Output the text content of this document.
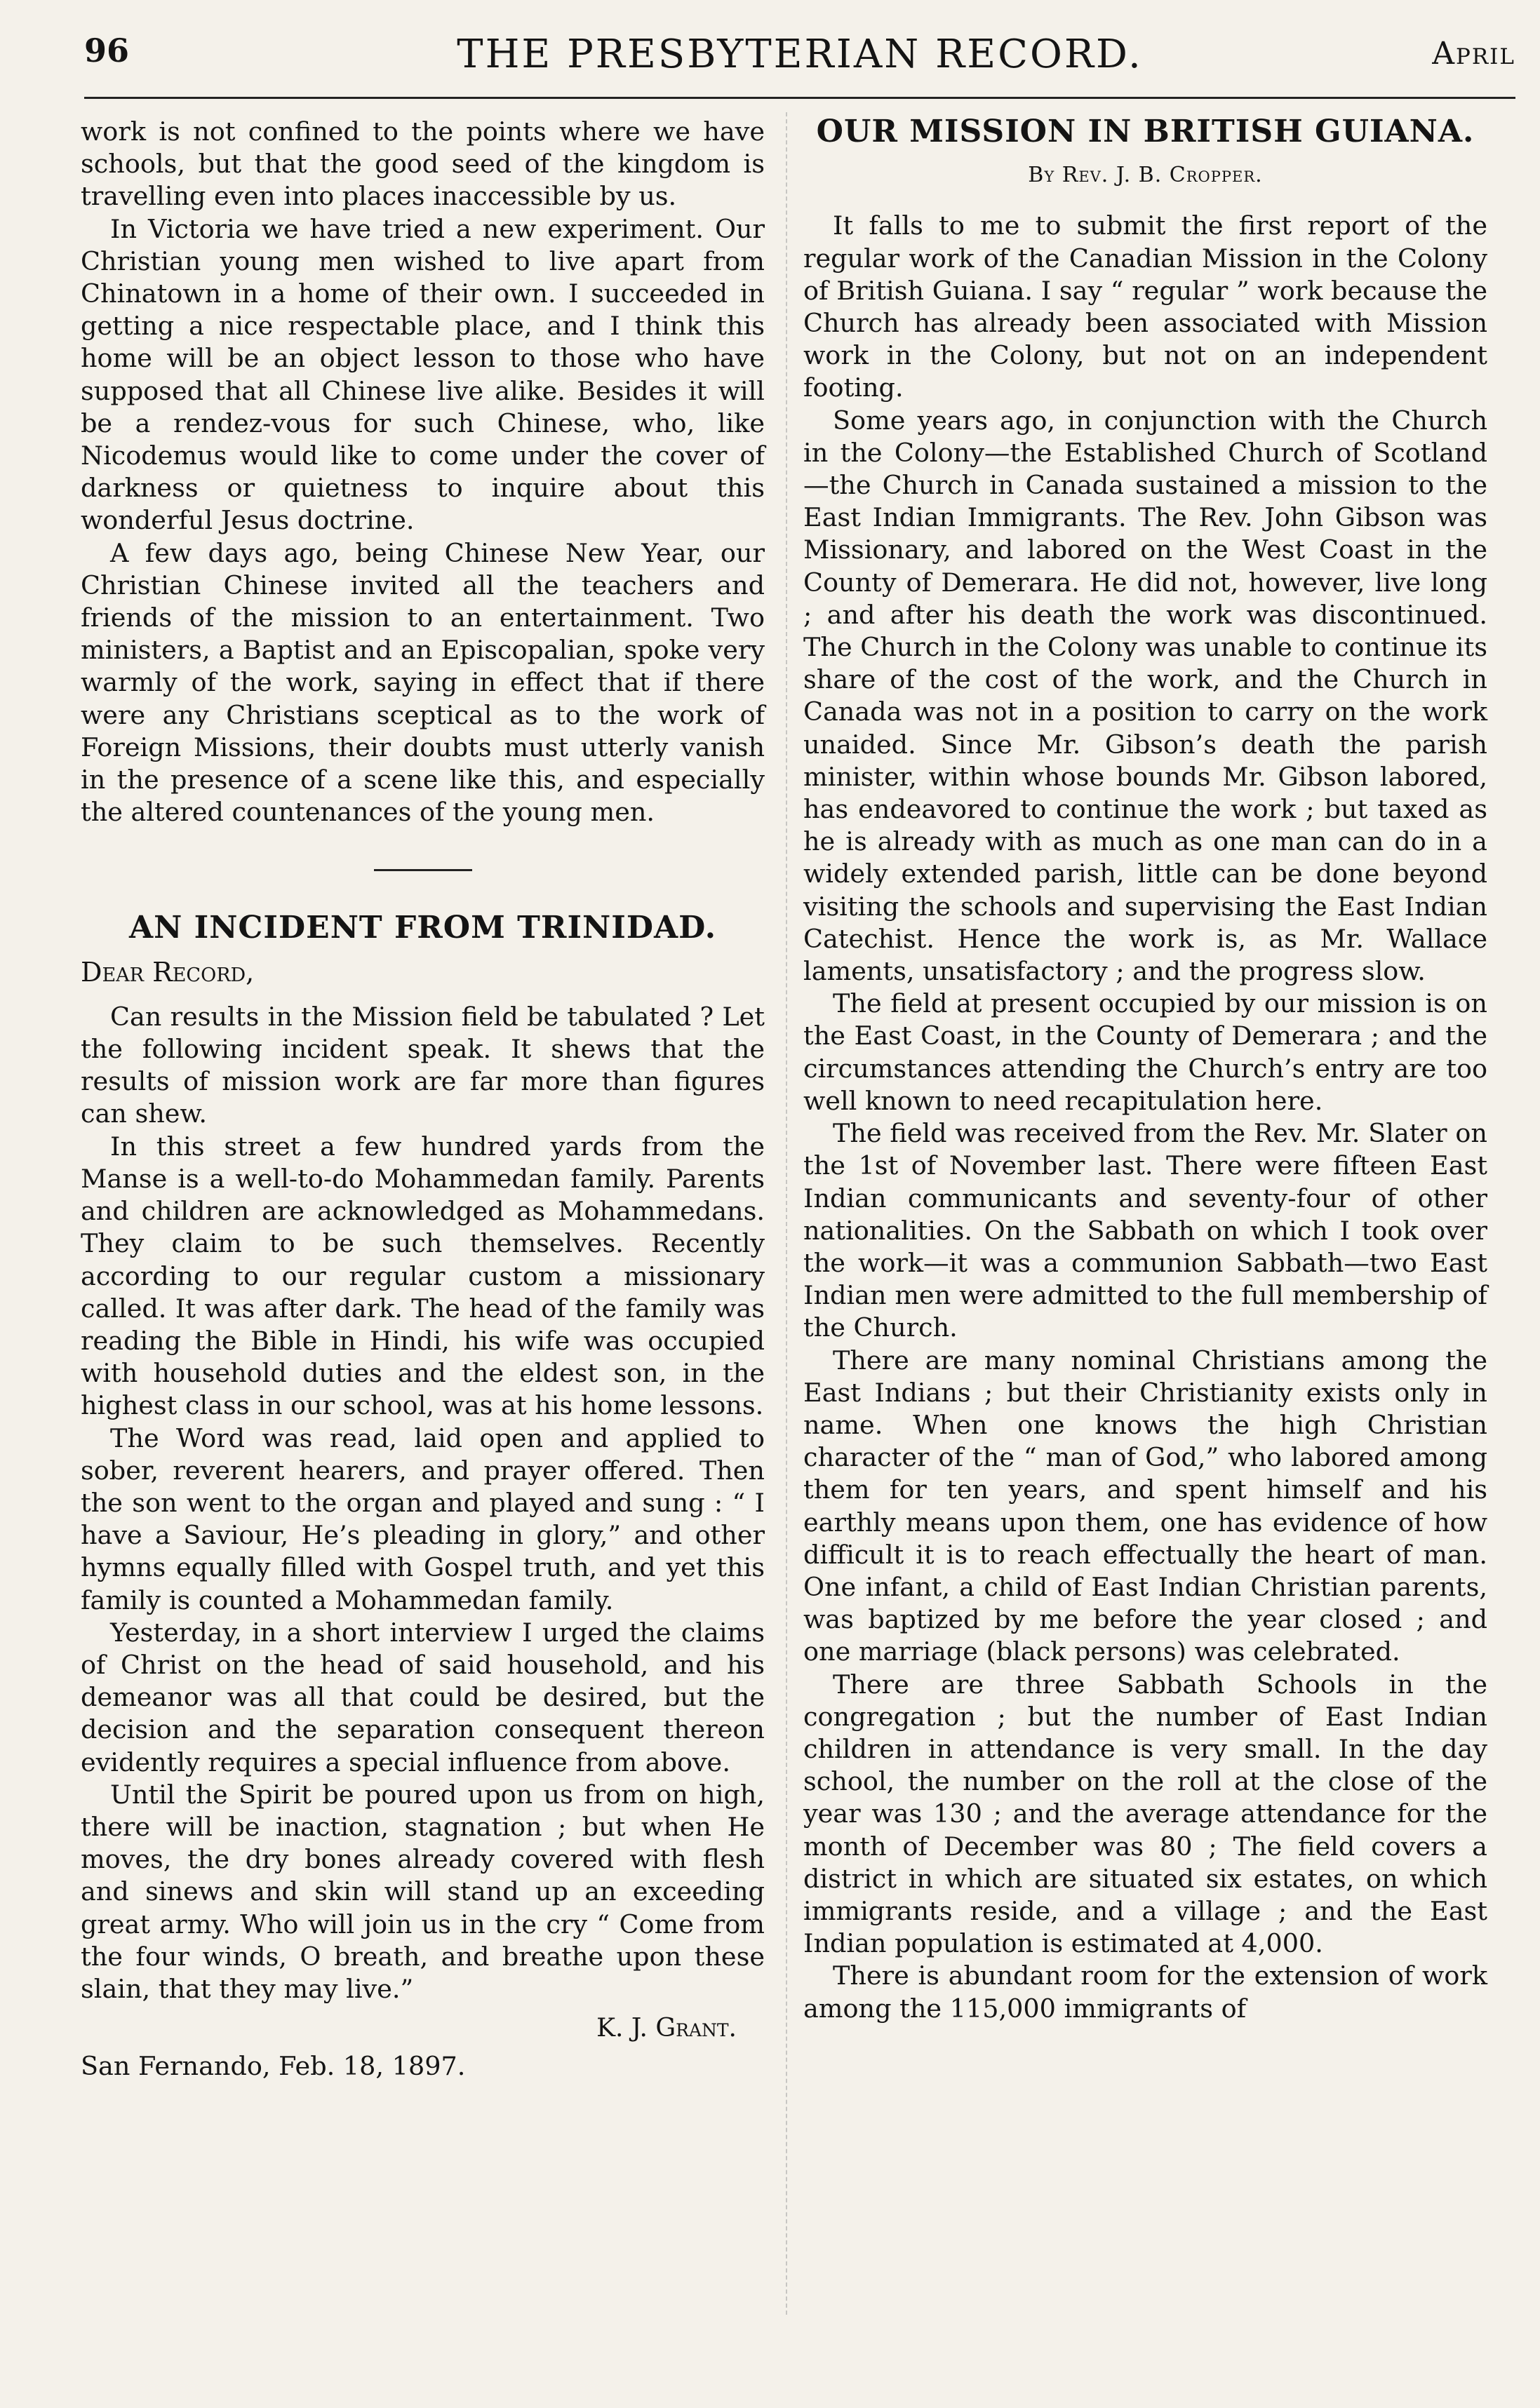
96	THE PRESBYTERIAN RECORD.	April

work is not confined to the points where we have schools, but that the good seed of the kingdom is travelling even into places inaccessible by us.

In Victoria we have tried a new experiment. Our Christian young men wished to live apart from Chinatown in a home of their own. I succeeded in getting a nice respectable place, and I think this home will be an object lesson to those who have supposed that all Chinese live alike. Besides it will be a rendez-vous for such Chinese, who, like Nicodemus would like to come under the cover of darkness or quietness to inquire about this wonderful Jesus doctrine.

A few days ago, being Chinese New Year, our Christian Chinese invited all the teachers and friends of the mission to an entertainment. Two ministers, a Baptist and an Episcopalian, spoke very warmly of the work, saying in effect that if there were any Christians sceptical as to the work of Foreign Missions, their doubts must utterly vanish in the presence of a scene like this, and especially the altered countenances of the young men.

AN INCIDENT FROM TRINIDAD.
Dear Record,

Can results in the Mission field be tabulated ? Let the following incident speak. It shews that the results of mission work are far more than figures can shew.

In this street a few hundred yards from the Manse is a well-to-do Mohammedan family. Parents and children are acknowledged as Mohammedans. They claim to be such themselves. Recently according to our regular custom a missionary called. It was after dark. The head of the family was reading the Bible in Hindi, his wife was occupied with household duties and the eldest son, in the highest class in our school, was at his home lessons.

The Word was read, laid open and applied to sober, reverent hearers, and prayer offered. Then the son went to the organ and played and sung : “ I have a Saviour, He’s pleading in glory,” and other hymns equally filled with Gospel truth, and yet this family is counted a Mohammedan family.

Yesterday, in a short interview I urged the claims of Christ on the head of said household, and his demeanor was all that could be desired, but the decision and the separation consequent thereon evidently requires a special influence from above.

Until the Spirit be poured upon us from on high, there will be inaction, stagnation ; but when He moves, the dry bones already covered with flesh and sinews and skin will stand up an exceeding great army. Who will join us in the cry “ Come from the four winds, O breath, and breathe upon these slain, that they may live.”

K. J. Grant.
San Fernando, Feb. 18, 1897.
OUR MISSION IN BRITISH GUIANA.
By Rev. J. B. Cropper.

It falls to me to submit the first report of the regular work of the Canadian Mission in the Colony of British Guiana. I say “ regular ” work because the Church has already been associated with Mission work in the Colony, but not on an independent footing.

Some years ago, in conjunction with the Church in the Colony—the Established Church of Scotland—the Church in Canada sustained a mission to the East Indian Immigrants. The Rev. John Gibson was Missionary, and labored on the West Coast in the County of Demerara. He did not, however, live long ; and after his death the work was discontinued. The Church in the Colony was unable to continue its share of the cost of the work, and the Church in Canada was not in a position to carry on the work unaided. Since Mr. Gibson’s death the parish minister, within whose bounds Mr. Gibson labored, has endeavored to continue the work ; but taxed as he is already with as much as one man can do in a widely extended parish, little can be done beyond visiting the schools and supervising the East Indian Catechist. Hence the work is, as Mr. Wallace laments, unsatisfactory ; and the progress slow.

The field at present occupied by our mission is on the East Coast, in the County of Demerara ; and the circumstances attending the Church’s entry are too well known to need recapitulation here.

The field was received from the Rev. Mr. Slater on the 1st of November last. There were fifteen East Indian communicants and seventy-four of other nationalities. On the Sabbath on which I took over the work—it was a communion Sabbath—two East Indian men were admitted to the full membership of the Church.

There are many nominal Christians among the East Indians ; but their Christianity exists only in name. When one knows the high Christian character of the “ man of God,” who labored among them for ten years, and spent himself and his earthly means upon them, one has evidence of how difficult it is to reach effectually the heart of man. One infant, a child of East Indian Christian parents, was baptized by me before the year closed ; and one marriage (black persons) was celebrated.

There are three Sabbath Schools in the congregation ; but the number of East Indian children in attendance is very small. In the day school, the number on the roll at the close of the year was 130 ; and the average attendance for the month of December was 80 ; The field covers a district in which are situated six estates, on which immigrants reside, and a village ; and the East Indian population is estimated at 4,000.

There is abundant room for the extension of work among the 115,000 immigrants of
